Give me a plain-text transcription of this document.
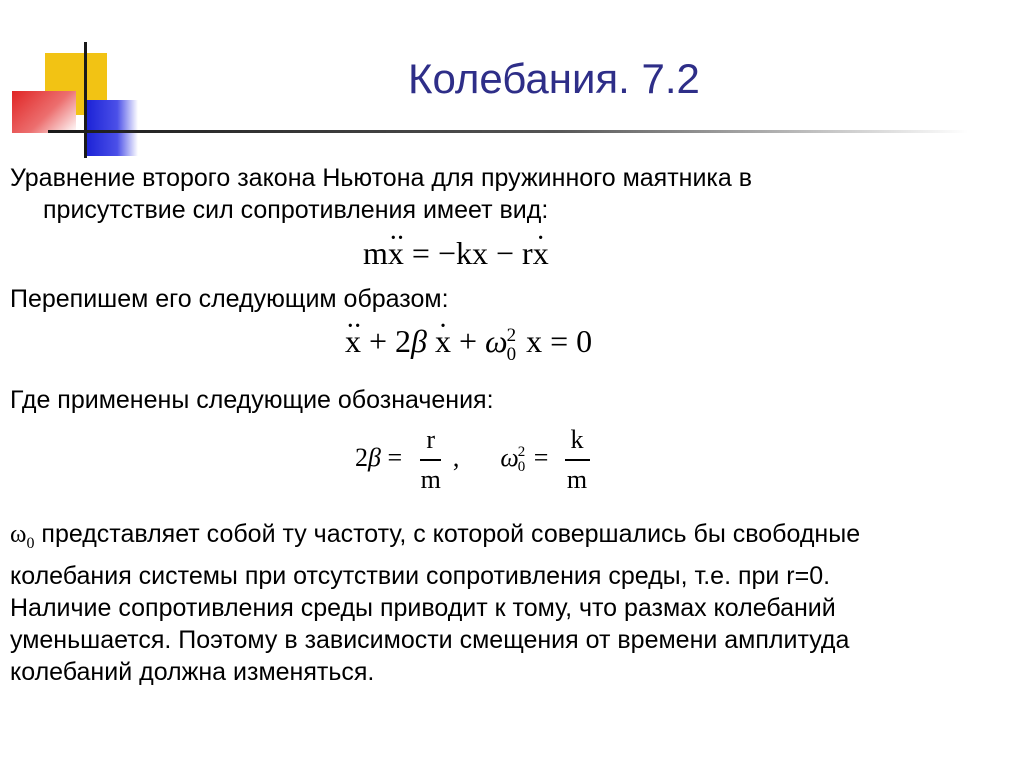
Колебания. 7.2
Уравнение второго закона Ньютона для пружинного маятника в
присутствие сил сопротивления имеет вид:
m·· x = −kx − r· x
Перепишем его следующим образом:
·· x + 2β · x + ω 2
0 x = 0
Где применены следующие обозначения:
$2\beta = \frac{r}{m}$ , ω 2
$0 = \frac{k}{m}$
$\omega_0$ представляет собой ту частоту, с которой совершались бы свободные
колебания системы при отсутствии сопротивления среды, т.е. при r=0.
Наличие сопротивления среды приводит к тому, что размах колебаний
уменьшается. Поэтому в зависимости смещения от времени амплитуда
колебаний должна изменяться.
